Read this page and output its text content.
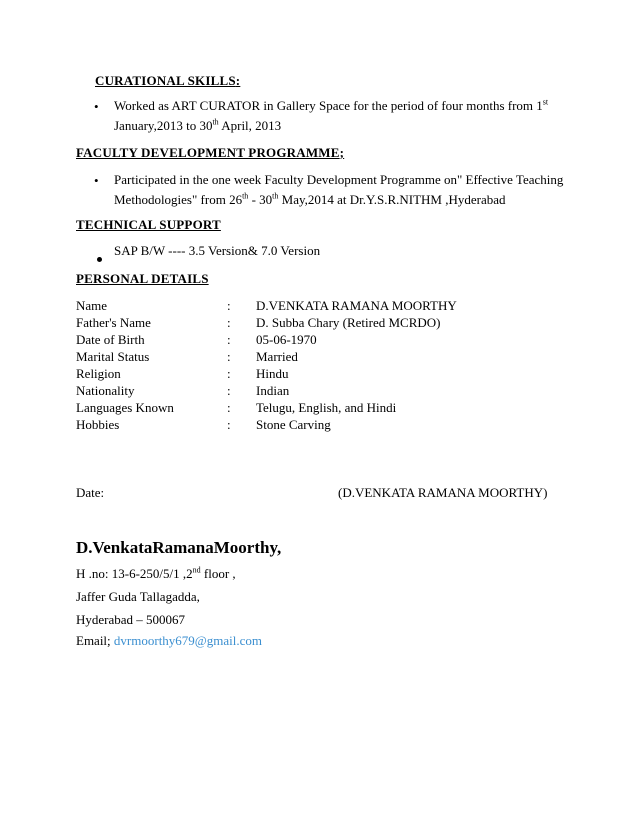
CURATIONAL SKILLS:
• Worked as ART CURATOR in Gallery Space for the period of four months from 1st
January,2013 to 30th April, 2013
FACULTY DEVELOPMENT PROGRAMME;
• Participated in the one week Faculty Development Programme on" Effective Teaching
Methodologies" from 26th - 30th May,2014 at Dr.Y.S.R.NITHM ,Hyderabad
TECHNICAL SUPPORT
SAP B/W ---- 3.5 Version& 7.0 Version
PERSONAL DETAILS
Name	: D.VENKATA RAMANA MOORTHY
Father's Name	: D. Subba Chary (Retired MCRDO)
Date of Birth	: 05-06-1970
Marital Status	: Married
Religion	: Hindu
Nationality	: Indian
Languages Known	: Telugu, English, and Hindi
Hobbies	: Stone Carving
Date:	(D.VENKATA RAMANA MOORTHY)
D.VenkataRamanaMoorthy,
H .no: 13-6-250/5/1 ,2nd floor ,
Jaffer Guda Tallagadda,
Hyderabad – 500067
Email; dvrmoorthy679@gmail.com
